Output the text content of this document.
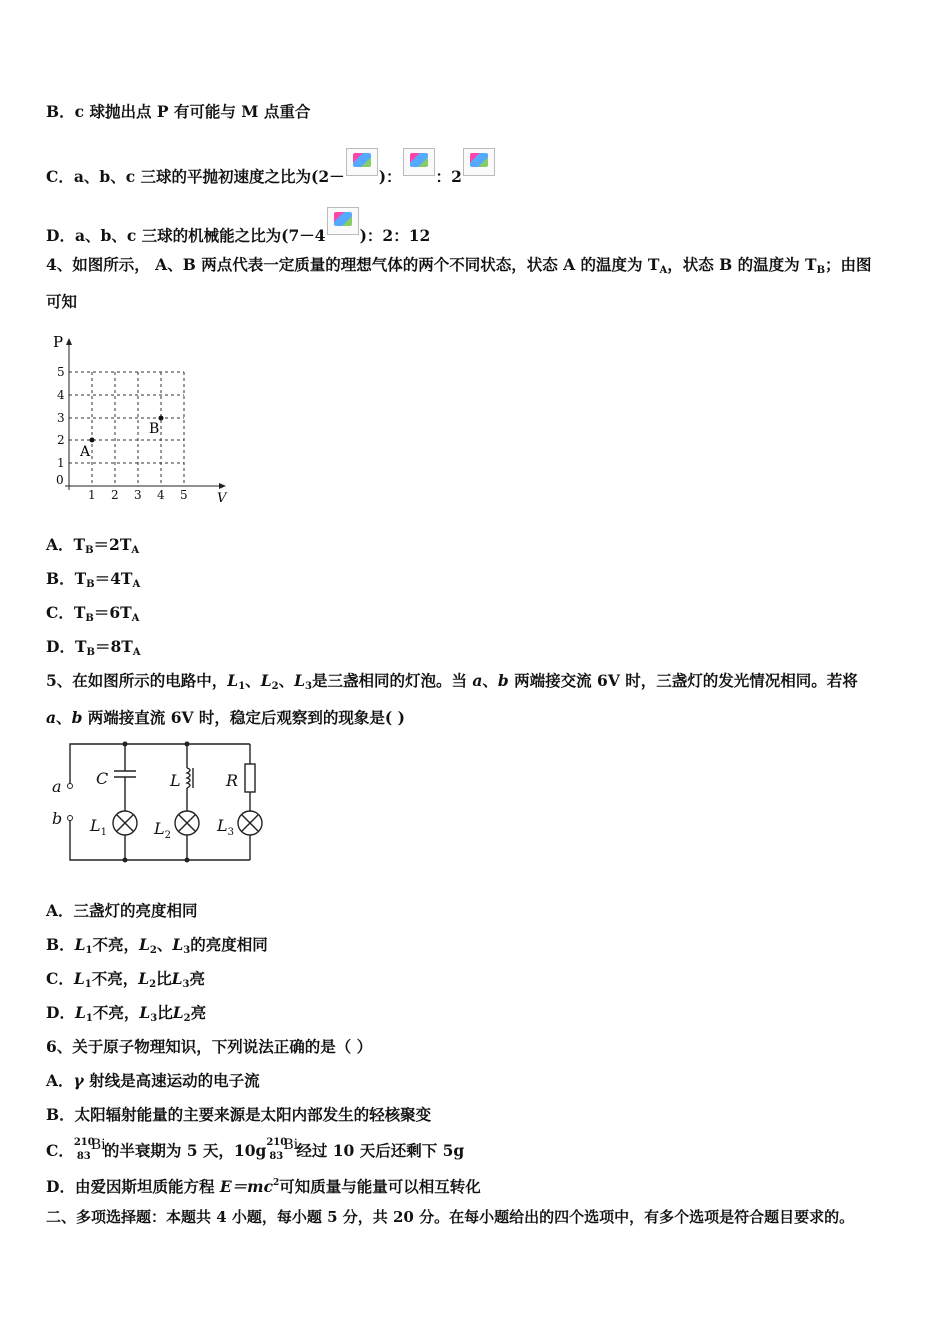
B．c 球抛出点 P 有可能与 M 点重合
C．a、b、c 三球的平抛初速度之比为(2－ )： ：2
D．a、b、c 三球的机械能之比为(7－4 )：2：12
4、如图所示， A、B 两点代表一定质量的理想气体的两个不同状态，状态 A 的温度为 $T_A$，状态 B 的温度为 $T_B$；由图
可知
P
V
0
1 2 3 4 5
1
2
3
4
5
A
B
A．$T_B=2T_A$
B．$T_B=4T_A$
C．$T_B=6T_A$
D．$T_B=8T_A$
5、在如图所示的电路中，$L_1$、$L_2$、$L_3$是三盏相同的灯泡。当 a、b 两端接交流 6V 时，三盏灯的发光情况相同。若将
a、b 两端接直流 6V 时，稳定后观察到的现象是( )
a
b
C	L	R
$L_1$	$L_2$
$L_3$
A．三盏灯的亮度相同
B．$L_1$不亮，$L_2$、$L_3$的亮度相同
C．$L_1$不亮，$L_2$比$L_3$亮
D．$L_1$不亮，$L_3$比$L_2$亮
6、关于原子物理知识，下列说法正确的是（ ）
A．γ 射线是高速运动的电子流
B．太阳辐射能量的主要来源是太阳内部发生的轻核聚变
C． 210
83
Bi
的半衰期为 5 天，10g 210
83
Bi
经过 10 天后还剩下 5g
D．由爱因斯坦质能方程 $E=mc^2$可知质量与能量可以相互转化
二、多项选择题：本题共 4 小题，每小题 5 分，共 20 分。在每小题给出的四个选项中，有多个选项是符合题目要求的。
